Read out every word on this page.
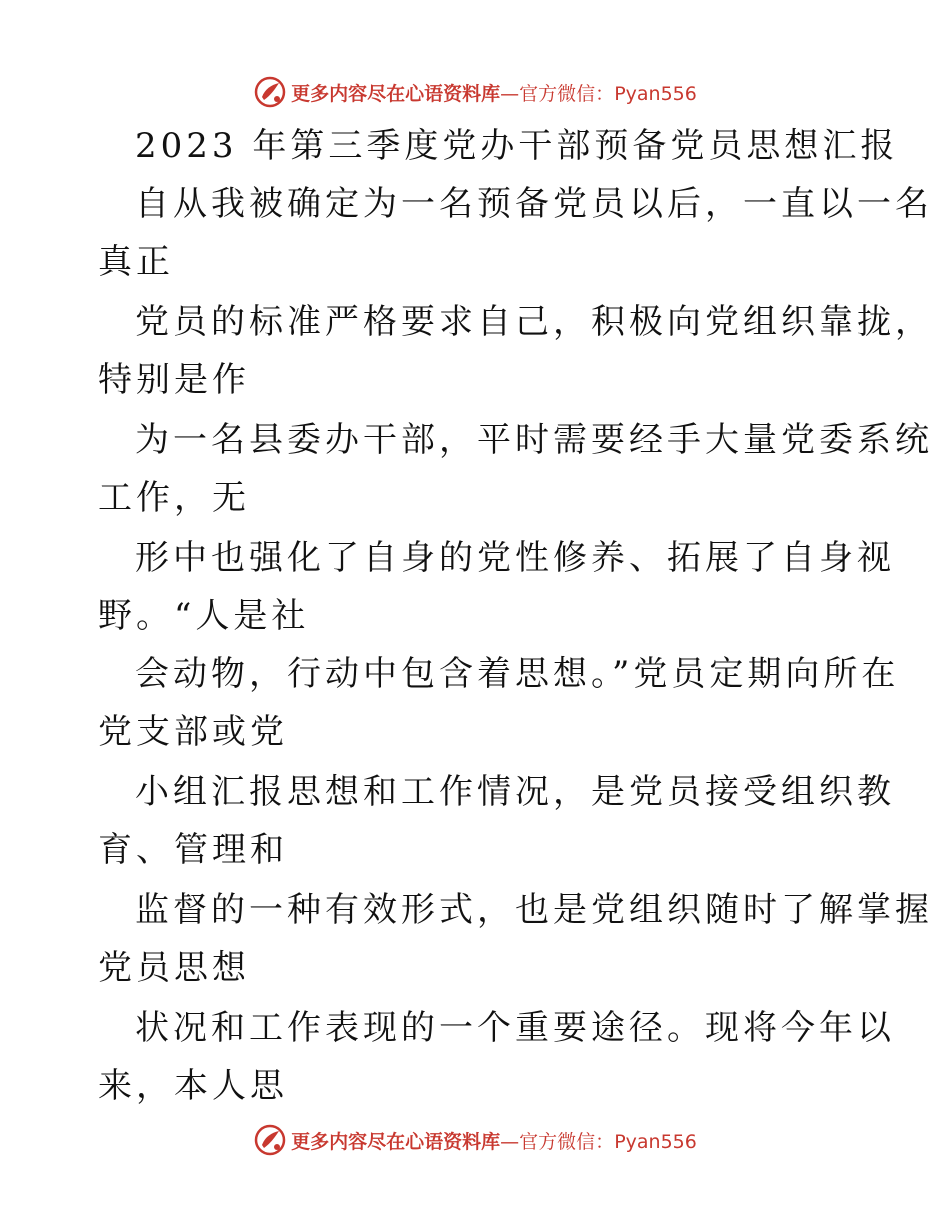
更多内容尽在心语资料库—官方微信：Pyan556
2023 年第三季度党办干部预备党员思想汇报
自从我被确定为一名预备党员以后，一直以一名
真正
党员的标准严格要求自己，积极向党组织靠拢，
特别是作
为一名县委办干部，平时需要经手大量党委系统
工作，无
形中也强化了自身的党性修养、拓展了自身视
野。“人是社
会动物，行动中包含着思想。”党员定期向所在
党支部或党
小组汇报思想和工作情况，是党员接受组织教
育、管理和
监督的一种有效形式，也是党组织随时了解掌握
党员思想
状况和工作表现的一个重要途径。现将今年以
来，本人思
更多内容尽在心语资料库—官方微信：Pyan556
